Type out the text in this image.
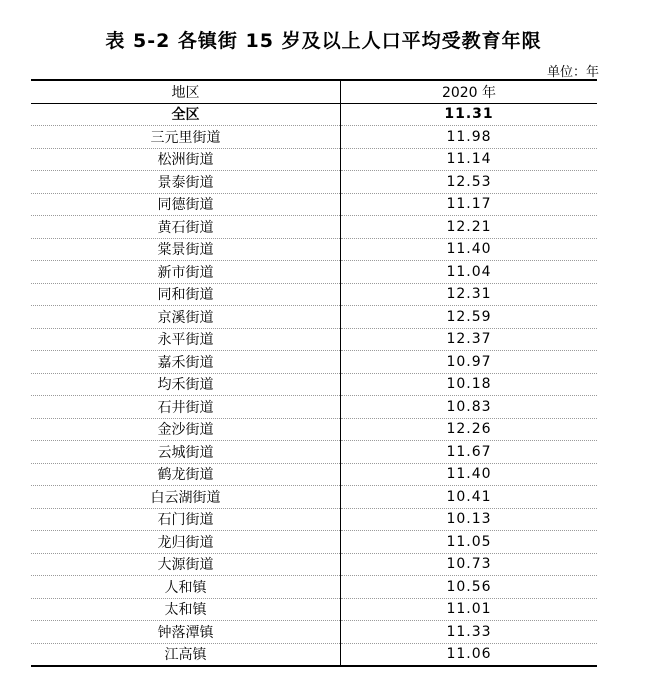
表 5-2 各镇街 15 岁及以上人口平均受教育年限
单位：年
地区	2020 年
全区	11.31
三元里街道	11.98
松洲街道	11.14
景泰街道	12.53
同德街道	11.17
黄石街道	12.21
棠景街道	11.40
新市街道	11.04
同和街道	12.31
京溪街道	12.59
永平街道	12.37
嘉禾街道	10.97
均禾街道	10.18
石井街道	10.83
金沙街道	12.26
云城街道	11.67
鹤龙街道	11.40
白云湖街道	10.41
石门街道	10.13
龙归街道	11.05
大源街道	10.73
人和镇	10.56
太和镇	11.01
钟落潭镇	11.33
江高镇	11.06
